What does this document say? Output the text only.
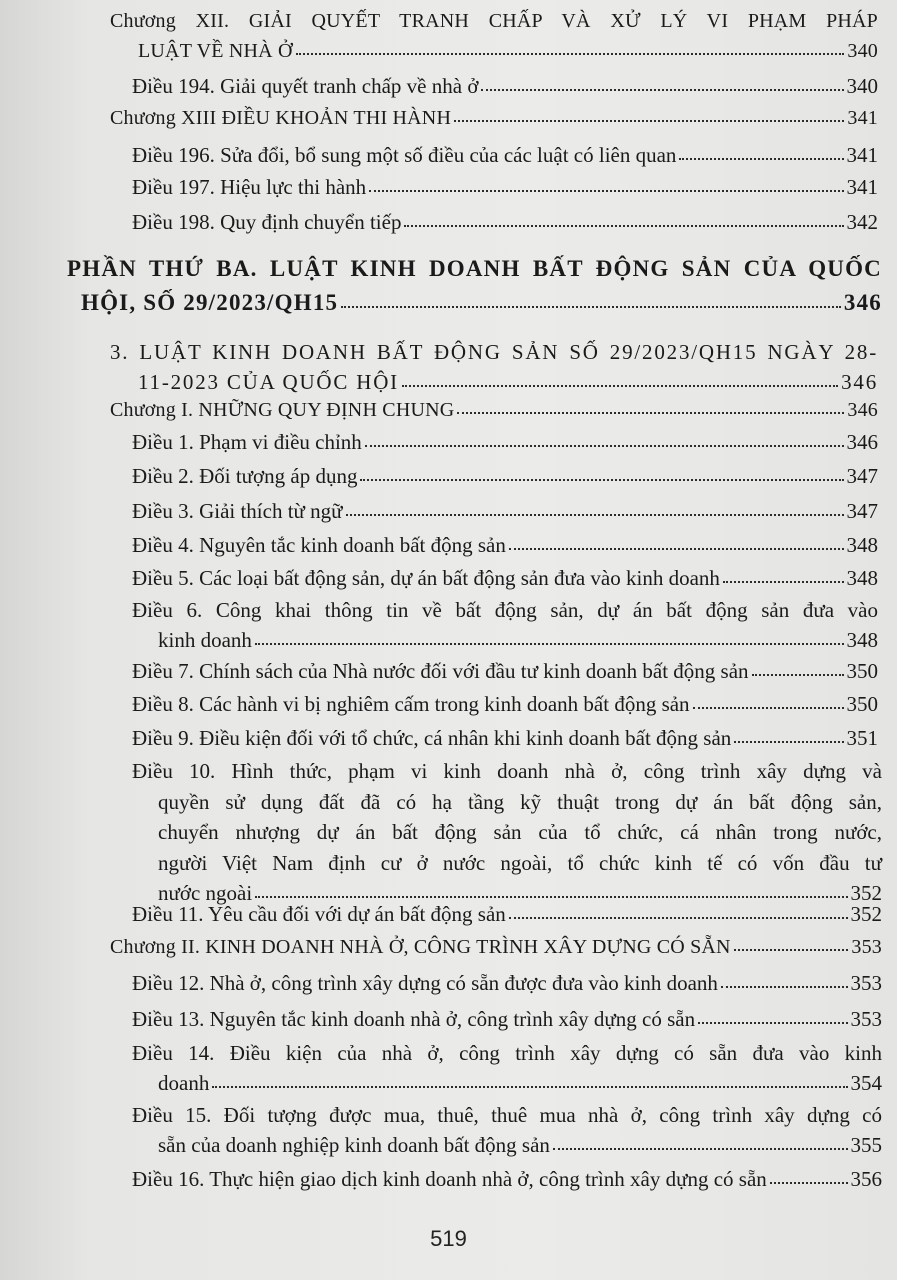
Chương XII. GIẢI QUYẾT TRANH CHẤP VÀ XỬ LÝ VI PHẠM PHÁP
LUẬT VỀ NHÀ Ở	340
Điều 194. Giải quyết tranh chấp về nhà ở	340
Chương XIII ĐIỀU KHOẢN THI HÀNH	341
Điều 196. Sửa đổi, bổ sung một số điều của các luật có liên quan	341
Điều 197. Hiệu lực thi hành	341
Điều 198. Quy định chuyển tiếp	342
PHẦN THỨ BA. LUẬT KINH DOANH BẤT ĐỘNG SẢN CỦA QUỐC
HỘI, SỐ 29/2023/QH15	346
3. LUẬT KINH DOANH BẤT ĐỘNG SẢN SỐ 29/2023/QH15 NGÀY 28-
11-2023 CỦA QUỐC HỘI	346
Chương I. NHỮNG QUY ĐỊNH CHUNG	346
Điều 1. Phạm vi điều chỉnh	346
Điều 2. Đối tượng áp dụng	347
Điều 3. Giải thích từ ngữ	347
Điều 4. Nguyên tắc kinh doanh bất động sản	348
Điều 5. Các loại bất động sản, dự án bất động sản đưa vào kinh doanh	348
Điều 6. Công khai thông tin về bất động sản, dự án bất động sản đưa vào
kinh doanh	348
Điều 7. Chính sách của Nhà nước đối với đầu tư kinh doanh bất động sản	350
Điều 8. Các hành vi bị nghiêm cấm trong kinh doanh bất động sản	350
Điều 9. Điều kiện đối với tổ chức, cá nhân khi kinh doanh bất động sản	351
Điều 10. Hình thức, phạm vi kinh doanh nhà ở, công trình xây dựng và
quyền sử dụng đất đã có hạ tầng kỹ thuật trong dự án bất động sản,
chuyển nhượng dự án bất động sản của tổ chức, cá nhân trong nước,
người Việt Nam định cư ở nước ngoài, tổ chức kinh tế có vốn đầu tư
nước ngoài	352
Điều 11. Yêu cầu đối với dự án bất động sản	352
Chương II. KINH DOANH NHÀ Ở, CÔNG TRÌNH XÂY DỰNG CÓ SẴN	353
Điều 12. Nhà ở, công trình xây dựng có sẵn được đưa vào kinh doanh	353
Điều 13. Nguyên tắc kinh doanh nhà ở, công trình xây dựng có sẵn	353
Điều 14. Điều kiện của nhà ở, công trình xây dựng có sẵn đưa vào kinh
doanh	354
Điều 15. Đối tượng được mua, thuê, thuê mua nhà ở, công trình xây dựng có
sẵn của doanh nghiệp kinh doanh bất động sản	355
Điều 16. Thực hiện giao dịch kinh doanh nhà ở, công trình xây dựng có sẵn	356
519
